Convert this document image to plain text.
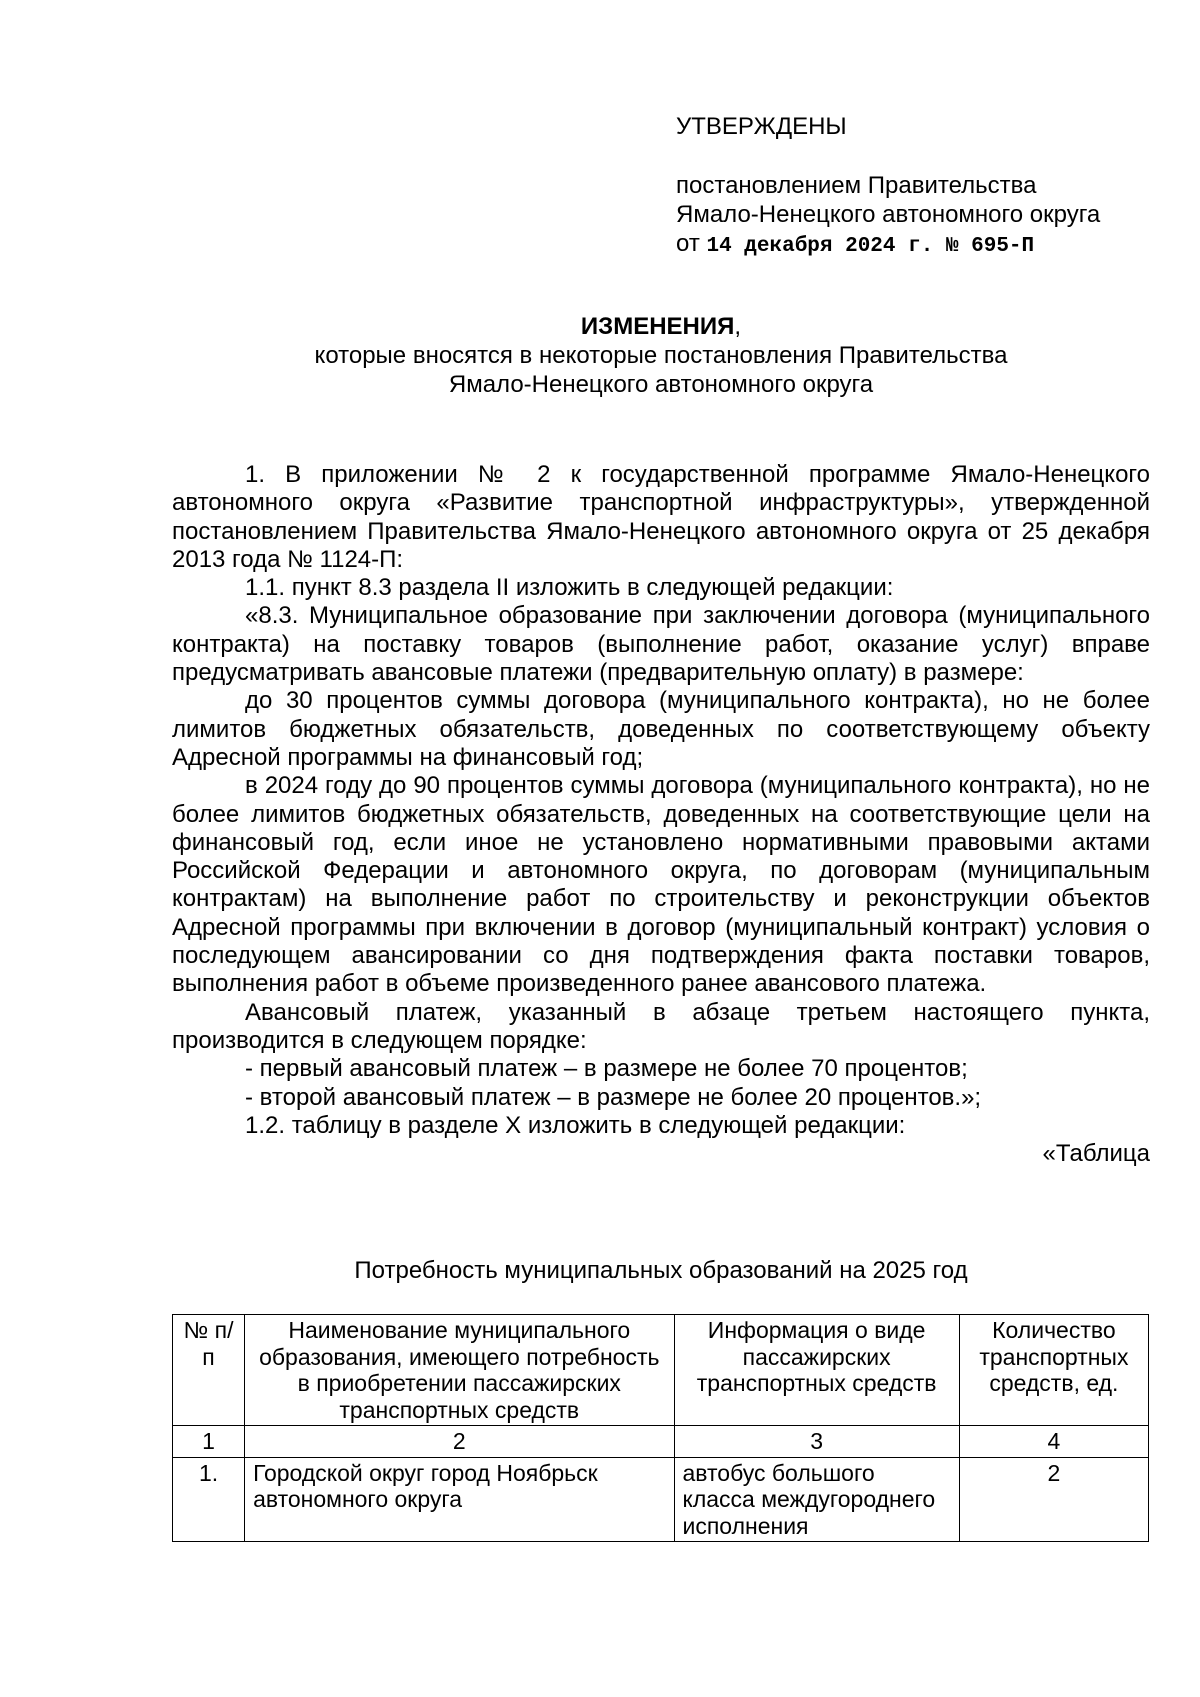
УТВЕРЖДЕНЫ
постановлением Правительства
Ямало-Ненецкого автономного округа
от 14 декабря 2024 г. № 695-П
ИЗМЕНЕНИЯ,
которые вносятся в некоторые постановления Правительства
Ямало-Ненецкого автономного округа

1. В приложении № 2 к государственной программе Ямало-Ненецкого автономного округа «Развитие транспортной инфраструктуры», утвержденной постановлением Правительства Ямало-Ненецкого автономного округа от 25 декабря 2013 года № 1124-П:

1.1. пункт 8.3 раздела II изложить в следующей редакции:

«8.3. Муниципальное образование при заключении договора (муниципального контракта) на поставку товаров (выполнение работ, оказание услуг) вправе предусматривать авансовые платежи (предварительную оплату) в размере:

до 30 процентов суммы договора (муниципального контракта), но не более лимитов бюджетных обязательств, доведенных по соответствующему объекту Адресной программы на финансовый год;

в 2024 году до 90 процентов суммы договора (муниципального контракта), но не более лимитов бюджетных обязательств, доведенных на соответствующие цели на финансовый год, если иное не установлено нормативными правовыми актами Российской Федерации и автономного округа, по договорам (муниципальным контрактам) на выполнение работ по строительству и реконструкции объектов Адресной программы при включении в договор (муниципальный контракт) условия о последующем авансировании со дня подтверждения факта поставки товаров, выполнения работ в объеме произведенного ранее авансового платежа.

Авансовый платеж, указанный в абзаце третьем настоящего пункта, производится в следующем порядке:

- первый авансовый платеж – в размере не более 70 процентов;

- второй авансовый платеж – в размере не более 20 процентов.»;

1.2. таблицу в разделе X изложить в следующей редакции:

«Таблица

Потребность муниципальных образований на 2025 год
№ п/п	Наименование муниципального образования, имеющего потребность в приобретении пассажирских транспортных средств	Информация о виде пассажирских транспортных средств	Количество транспортных средств, ед.
1	2	3	4
1.	Городской округ город Ноябрьск автономного округа	автобус большого класса междугороднего исполнения	2
